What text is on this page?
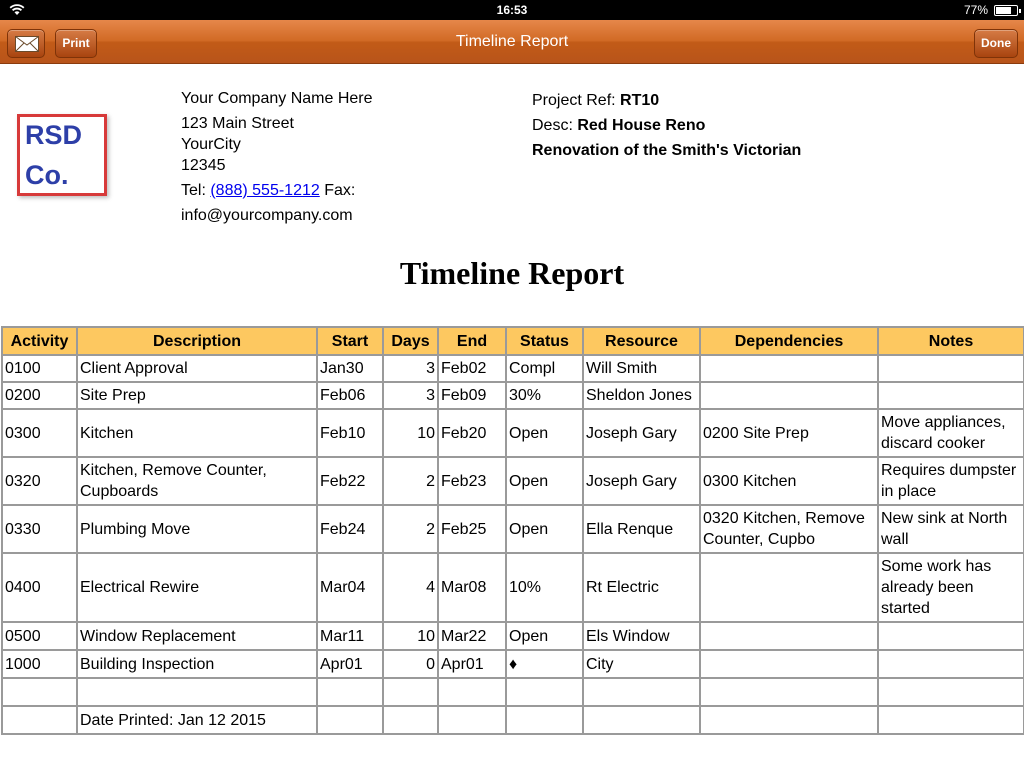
16:53	77%
Print	Timeline Report	Done
RSD
Co.
Your Company Name Here
123 Main Street
YourCity
12345
Tel: (888) 555-1212 Fax:
info@yourcompany.com
Project Ref: RT10
Desc: Red House Reno
Renovation of the Smith's Victorian
Timeline Report
Activity	Description	Start	Days	End	Status	Resource	Dependencies	Notes
0100	Client Approval	Jan30	3	Feb02	Compl	Will Smith		
0200	Site Prep	Feb06	3	Feb09	30%	Sheldon Jones		
0300	Kitchen	Feb10	10	Feb20	Open	Joseph Gary	0200 Site Prep	Move appliances, discard cooker
0320	Kitchen, Remove Counter, Cupboards	Feb22	2	Feb23	Open	Joseph Gary	0300 Kitchen	Requires dumpster in place
0330	Plumbing Move	Feb24	2	Feb25	Open	Ella Renque	0320 Kitchen, Remove Counter, Cupbo	New sink at North wall
0400	Electrical Rewire	Mar04	4	Mar08	10%	Rt Electric		Some work has already been started
0500	Window Replacement	Mar11	10	Mar22	Open	Els Window		
1000	Building Inspection	Apr01	0	Apr01	♦	City		

	Date Printed: Jan 12 2015							
